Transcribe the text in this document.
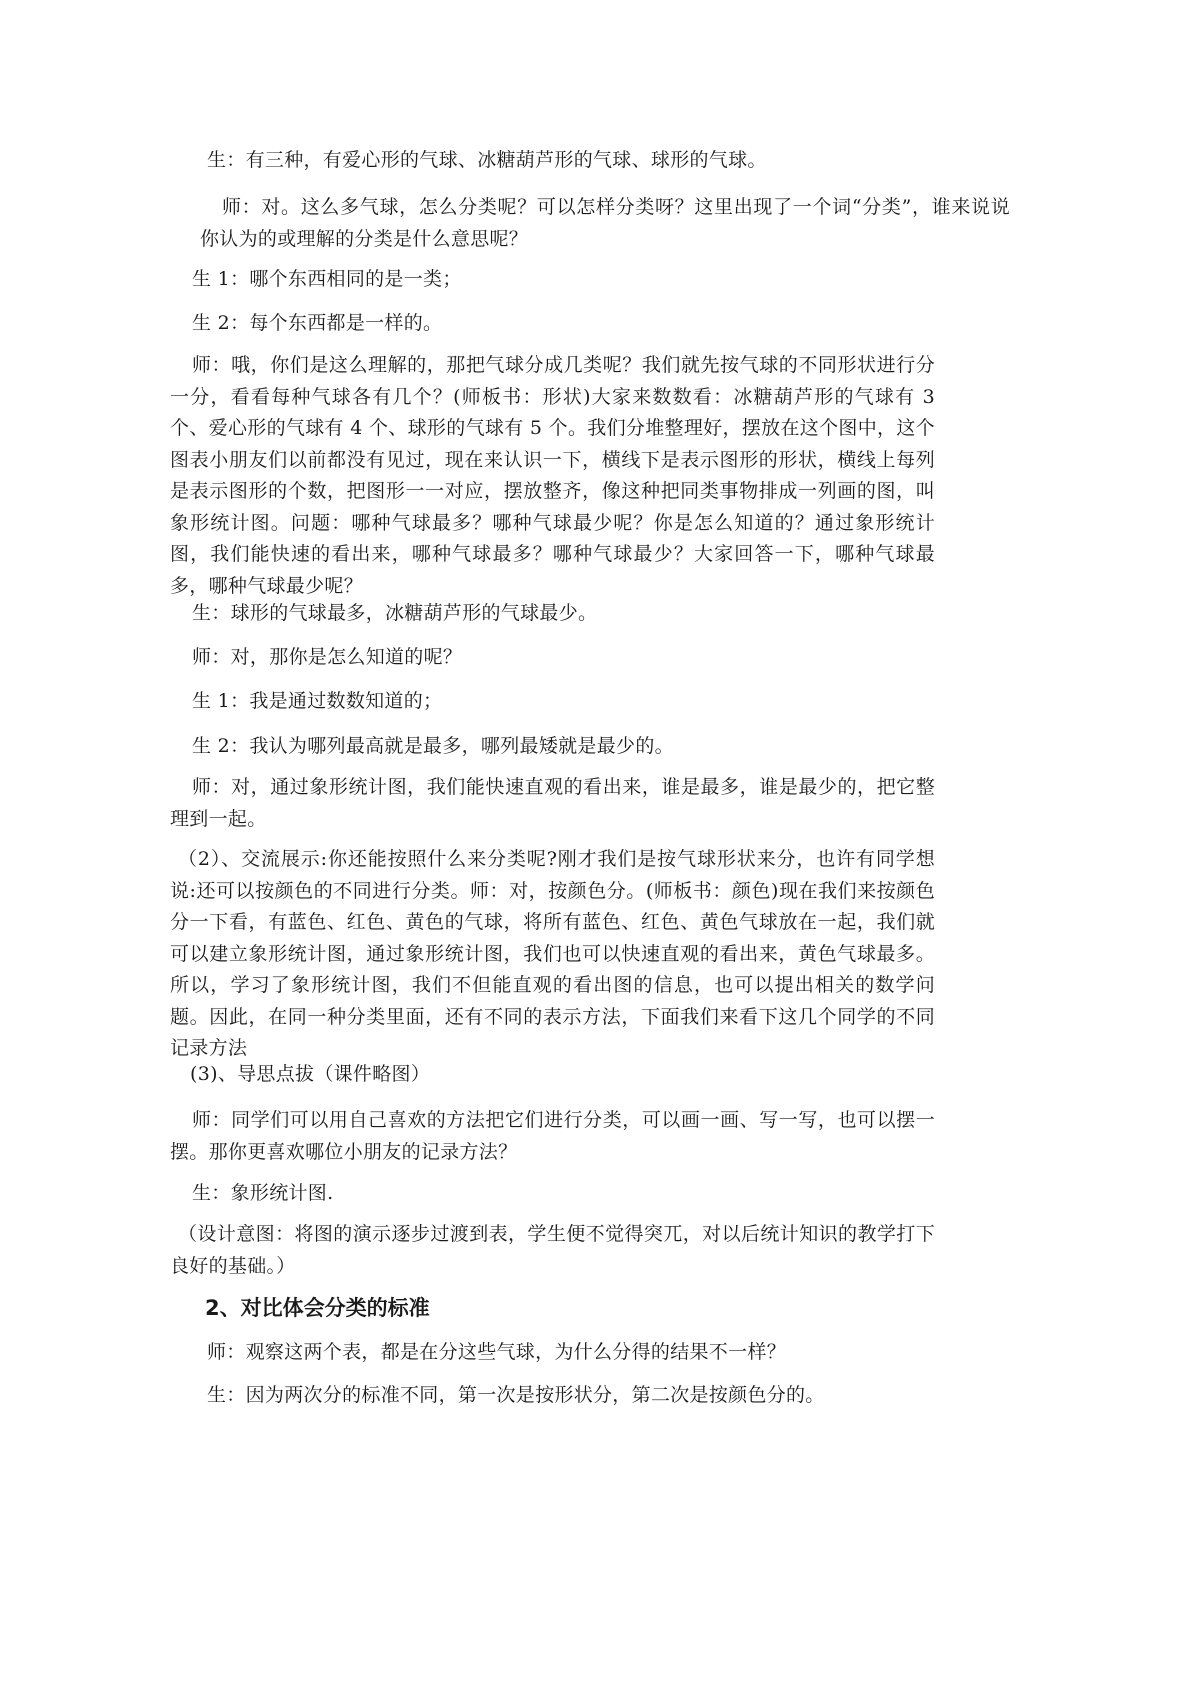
生：有三种，有爱心形的气球、冰糖葫芦形的气球、球形的气球。

师：对。这么多气球，怎么分类呢？可以怎样分类呀？这里出现了一个词“分类”，谁来说说你认为的或理解的分类是什么意思呢？

生 1：哪个东西相同的是一类；

生 2：每个东西都是一样的。

师：哦，你们是这么理解的，那把气球分成几类呢？我们就先按气球的不同形状进行分一分，看看每种气球各有几个？(师板书：形状)大家来数数看：冰糖葫芦形的气球有 3 个、爱心形的气球有 4 个、球形的气球有 5 个。我们分堆整理好，摆放在这个图中，这个图表小朋友们以前都没有见过，现在来认识一下，横线下是表示图形的形状，横线上每列是表示图形的个数，把图形一一对应，摆放整齐，像这种把同类事物排成一列画的图，叫象形统计图。问题：哪种气球最多？哪种气球最少呢？你是怎么知道的？通过象形统计图，我们能快速的看出来，哪种气球最多？哪种气球最少？大家回答一下，哪种气球最多，哪种气球最少呢？

生：球形的气球最多，冰糖葫芦形的气球最少。

师：对，那你是怎么知道的呢？

生 1：我是通过数数知道的；

生 2：我认为哪列最高就是最多，哪列最矮就是最少的。

师：对，通过象形统计图，我们能快速直观的看出来，谁是最多，谁是最少的，把它整理到一起。

（2）、交流展示:你还能按照什么来分类呢?刚才我们是按气球形状来分，也许有同学想说:还可以按颜色的不同进行分类。师：对，按颜色分。(师板书：颜色)现在我们来按颜色分一下看，有蓝色、红色、黄色的气球，将所有蓝色、红色、黄色气球放在一起，我们就可以建立象形统计图，通过象形统计图，我们也可以快速直观的看出来，黄色气球最多。所以，学习了象形统计图，我们不但能直观的看出图的信息，也可以提出相关的数学问题。因此，在同一种分类里面，还有不同的表示方法，下面我们来看下这几个同学的不同记录方法

(3)、导思点拔（课件略图）

师：同学们可以用自己喜欢的方法把它们进行分类，可以画一画、写一写，也可以摆一摆。那你更喜欢哪位小朋友的记录方法？

生：象形统计图.

（设计意图：将图的演示逐步过渡到表，学生便不觉得突兀，对以后统计知识的教学打下良好的基础。）

2、对比体会分类的标准

师：观察这两个表，都是在分这些气球，为什么分得的结果不一样？

生：因为两次分的标准不同，第一次是按形状分，第二次是按颜色分的。
